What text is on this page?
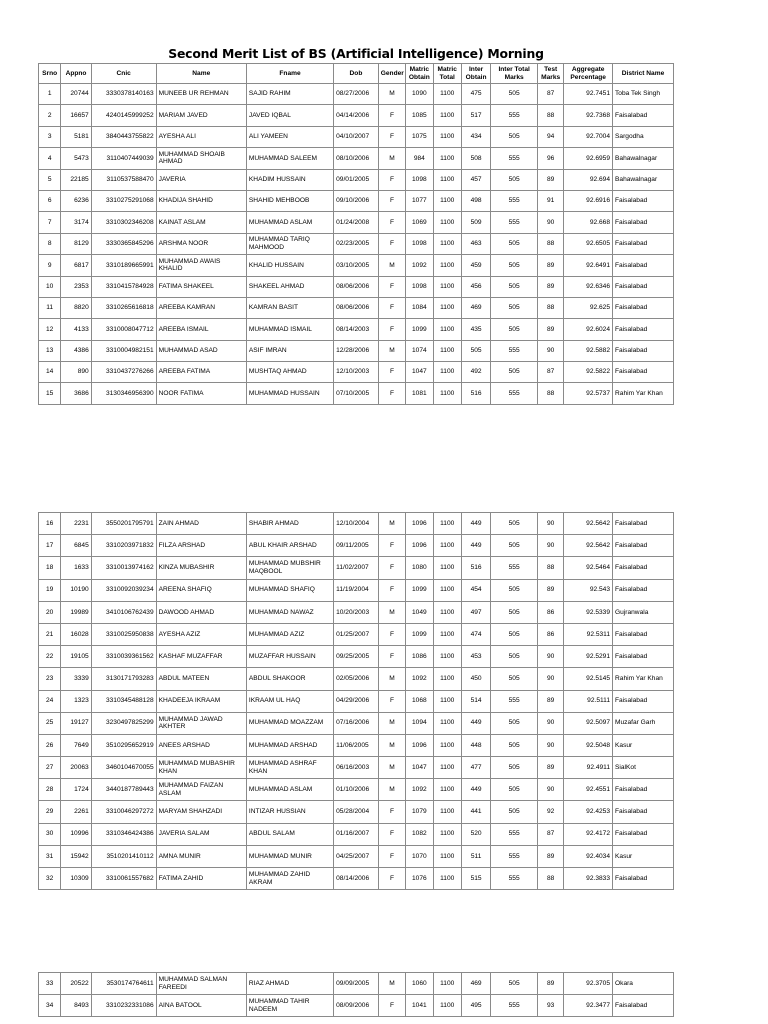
Second Merit List of BS (Artificial Intelligence) Morning
Srno	Appno	Cnic	Name	Fname	Dob	Gender	Matric Obtain	Matric Total	Inter Obtain	Inter Total Marks	Test Marks	Aggregate Percentage	District Name
1	20744	3330378140163	MUNEEB UR REHMAN	SAJID RAHIM	08/27/2006	M	1090	1100	475	505	87	92.7451	Toba Tek Singh
2	16657	4240145999252	MARIAM JAVED	JAVED IQBAL	04/14/2006	F	1085	1100	517	555	88	92.7368	Faisalabad
3	5181	3840443755822	AYESHA ALI	ALI YAMEEN	04/10/2007	F	1075	1100	434	505	94	92.7004	Sargodha
4	5473	3110407449039	MUHAMMAD SHOAIB AHMAD	MUHAMMAD SALEEM	08/10/2006	M	984	1100	508	555	96	92.6959	Bahawalnagar
5	22185	3110537588470	JAVERIA	KHADIM HUSSAIN	09/01/2005	F	1098	1100	457	505	89	92.694	Bahawalnagar
6	6236	3310275291068	KHADIJA SHAHID	SHAHID MEHBOOB	09/10/2006	F	1077	1100	498	555	91	92.6916	Faisalabad
7	3174	3310302346208	KAINAT ASLAM	MUHAMMAD ASLAM	01/24/2008	F	1069	1100	509	555	90	92.668	Faisalabad
8	8129	3330365845296	ARSHMA NOOR	MUHAMMAD TARIQ MAHMOOD	02/23/2005	F	1098	1100	463	505	88	92.6505	Faisalabad
9	6817	3310189665991	MUHAMMAD AWAIS KHALID	KHALID HUSSAIN	03/10/2005	M	1092	1100	459	505	89	92.6491	Faisalabad
10	2353	3310415784928	FATIMA SHAKEEL	SHAKEEL AHMAD	08/06/2006	F	1098	1100	456	505	89	92.6346	Faisalabad
11	8820	3310265616818	AREEBA KAMRAN	KAMRAN BASIT	08/06/2006	F	1084	1100	469	505	88	92.625	Faisalabad
12	4133	3310008047712	AREEBA ISMAIL	MUHAMMAD ISMAIL	08/14/2003	F	1099	1100	435	505	89	92.6024	Faisalabad
13	4386	3310004982151	MUHAMMAD ASAD	ASIF IMRAN	12/28/2006	M	1074	1100	505	555	90	92.5882	Faisalabad
14	890	3310437276266	AREEBA FATIMA	MUSHTAQ AHMAD	12/10/2003	F	1047	1100	492	505	87	92.5822	Faisalabad
15	3686	3130346956390	NOOR FATIMA	MUHAMMAD HUSSAIN	07/10/2005	F	1081	1100	516	555	88	92.5737	Rahim Yar Khan
16	2231	3550201795791	ZAIN AHMAD	SHABIR AHMAD	12/10/2004	M	1096	1100	449	505	90	92.5642	Faisalabad
17	6845	3310203971832	FILZA ARSHAD	ABUL KHAIR ARSHAD	09/11/2005	F	1096	1100	449	505	90	92.5642	Faisalabad
18	1633	3310013974162	KINZA MUBASHIR	MUHAMMAD MUBSHIR MAQBOOL	11/02/2007	F	1080	1100	516	555	88	92.5464	Faisalabad
19	10190	3310092039234	AREENA SHAFIQ	MUHAMMAD SHAFIQ	11/19/2004	F	1099	1100	454	505	89	92.543	Faisalabad
20	19989	3410106762439	DAWOOD AHMAD	MUHAMMAD NAWAZ	10/20/2003	M	1049	1100	497	505	86	92.5339	Gujranwala
21	16028	3310025950838	AYESHA AZIZ	MUHAMMAD AZIZ	01/25/2007	F	1099	1100	474	505	86	92.5311	Faisalabad
22	19105	3310039361562	KASHAF MUZAFFAR	MUZAFFAR HUSSAIN	09/25/2005	F	1086	1100	453	505	90	92.5291	Faisalabad
23	3339	3130171793283	ABDUL MATEEN	ABDUL SHAKOOR	02/05/2006	M	1092	1100	450	505	90	92.5145	Rahim Yar Khan
24	1323	3310345488128	KHADEEJA IKRAAM	IKRAAM UL HAQ	04/29/2006	F	1068	1100	514	555	89	92.5111	Faisalabad
25	19127	3230497825299	MUHAMMAD JAWAD AKHTER	MUHAMMAD MOAZZAM	07/16/2006	M	1094	1100	449	505	90	92.5097	Muzafar Garh
26	7649	3510295652919	ANEES ARSHAD	MUHAMMAD ARSHAD	11/06/2005	M	1096	1100	448	505	90	92.5048	Kasur
27	20063	3460104670055	MUHAMMAD MUBASHIR KHAN	MUHAMMAD ASHRAF KHAN	06/16/2003	M	1047	1100	477	505	89	92.4911	SialKot
28	1724	3440187789443	MUHAMMAD FAIZAN ASLAM	MUHAMMAD ASLAM	01/10/2006	M	1092	1100	449	505	90	92.4551	Faisalabad
29	2261	3310046297272	MARYAM SHAHZADI	INTIZAR HUSSIAN	05/28/2004	F	1079	1100	441	505	92	92.4253	Faisalabad
30	10996	3310346424386	JAVERIA SALAM	ABDUL SALAM	01/16/2007	F	1082	1100	520	555	87	92.4172	Faisalabad
31	15942	3510201410112	AMNA MUNIR	MUHAMMAD MUNIR	04/25/2007	F	1070	1100	511	555	89	92.4034	Kasur
32	10309	3310061557682	FATIMA ZAHID	MUHAMMAD ZAHID AKRAM	08/14/2006	F	1076	1100	515	555	88	92.3833	Faisalabad
33	20522	3530174764611	MUHAMMAD SALMAN FAREEDI	RIAZ AHMAD	09/09/2005	M	1060	1100	469	505	89	92.3705	Okara
34	8493	3310232331086	AINA BATOOL	MUHAMMAD TAHIR NADEEM	08/09/2006	F	1041	1100	495	555	93	92.3477	Faisalabad
